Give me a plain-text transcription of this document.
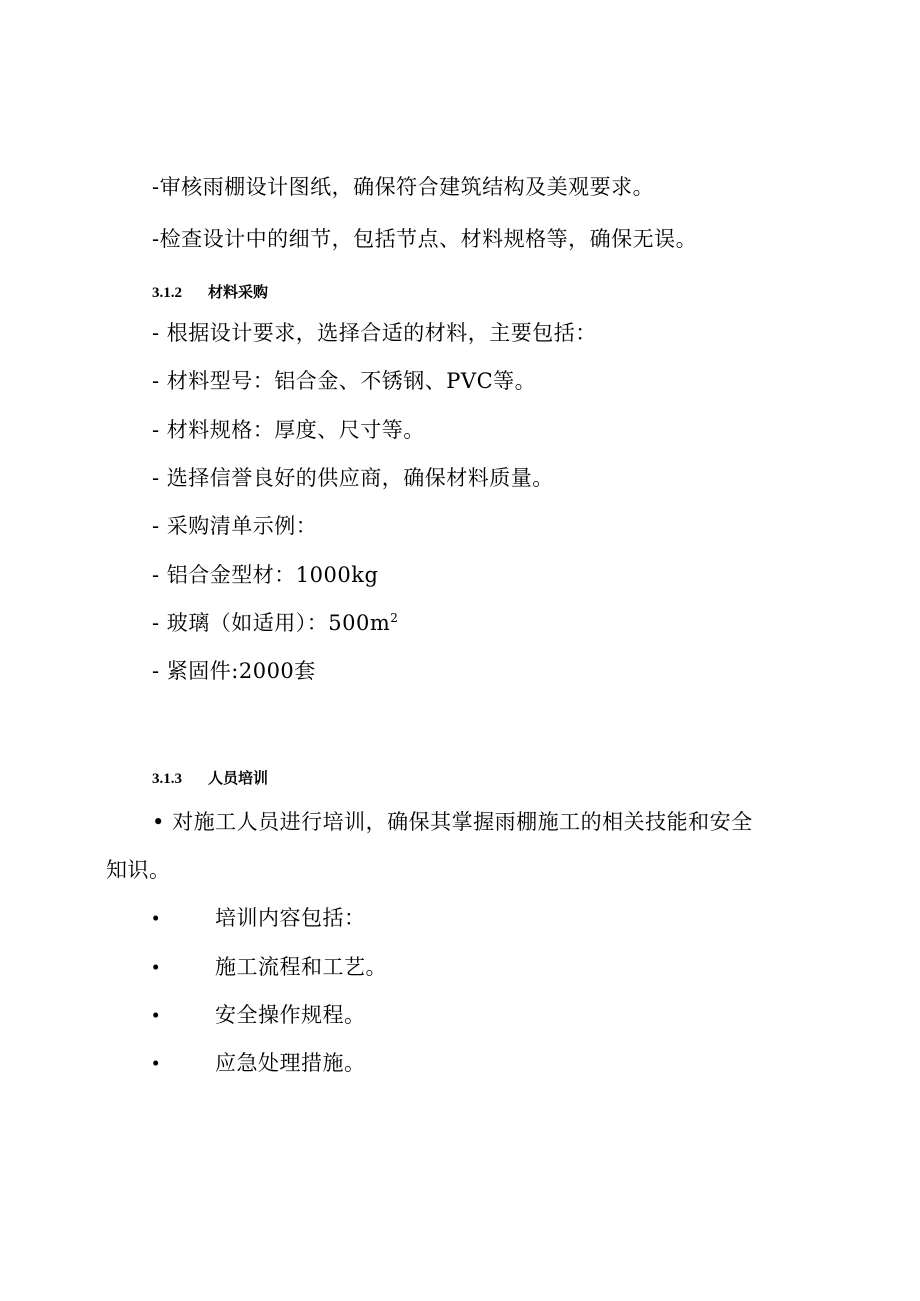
-审核雨棚设计图纸，确保符合建筑结构及美观要求。
-检查设计中的细节，包括节点、材料规格等，确保无误。
3.1.2 材料采购
- 根据设计要求，选择合适的材料，主要包括：
- 材料型号：铝合金、不锈钢、PVC等。
- 材料规格：厚度、尺寸等。
- 选择信誉良好的供应商，确保材料质量。
- 采购清单示例：
- 铝合金型材：1000kg
- 玻璃（如适用）：$500m^2$
- 紧固件:2000套
3.1.3 人员培训
• 对施工人员进行培训，确保其掌握雨棚施工的相关技能和安全
知识。
•	培训内容包括：
•	施工流程和工艺。
•	安全操作规程。
•	应急处理措施。
